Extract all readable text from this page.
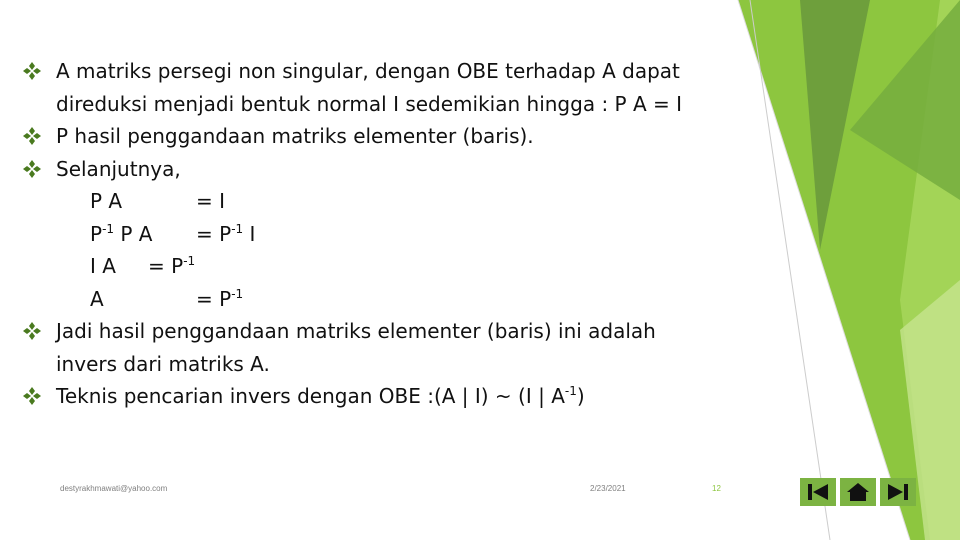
A matriks persegi non singular, dengan OBE terhadap A dapat
direduksi menjadi bentuk normal I sedemikian hingga : P A = I
P hasil penggandaan matriks elementer (baris).
Selanjutnya,
P A	= I
$P^{-1}$ P $A = P^{-1}$ I
I $A = P^{-1}$
A	= $P^{-1}$
Jadi hasil penggandaan matriks elementer (baris) ini adalah
invers dari matriks A.
Teknis pencarian invers dengan OBE :(A | I) ~ (I | $A^{-1}$)
destyrakhmawati@yahoo.com	2/23/2021	12
